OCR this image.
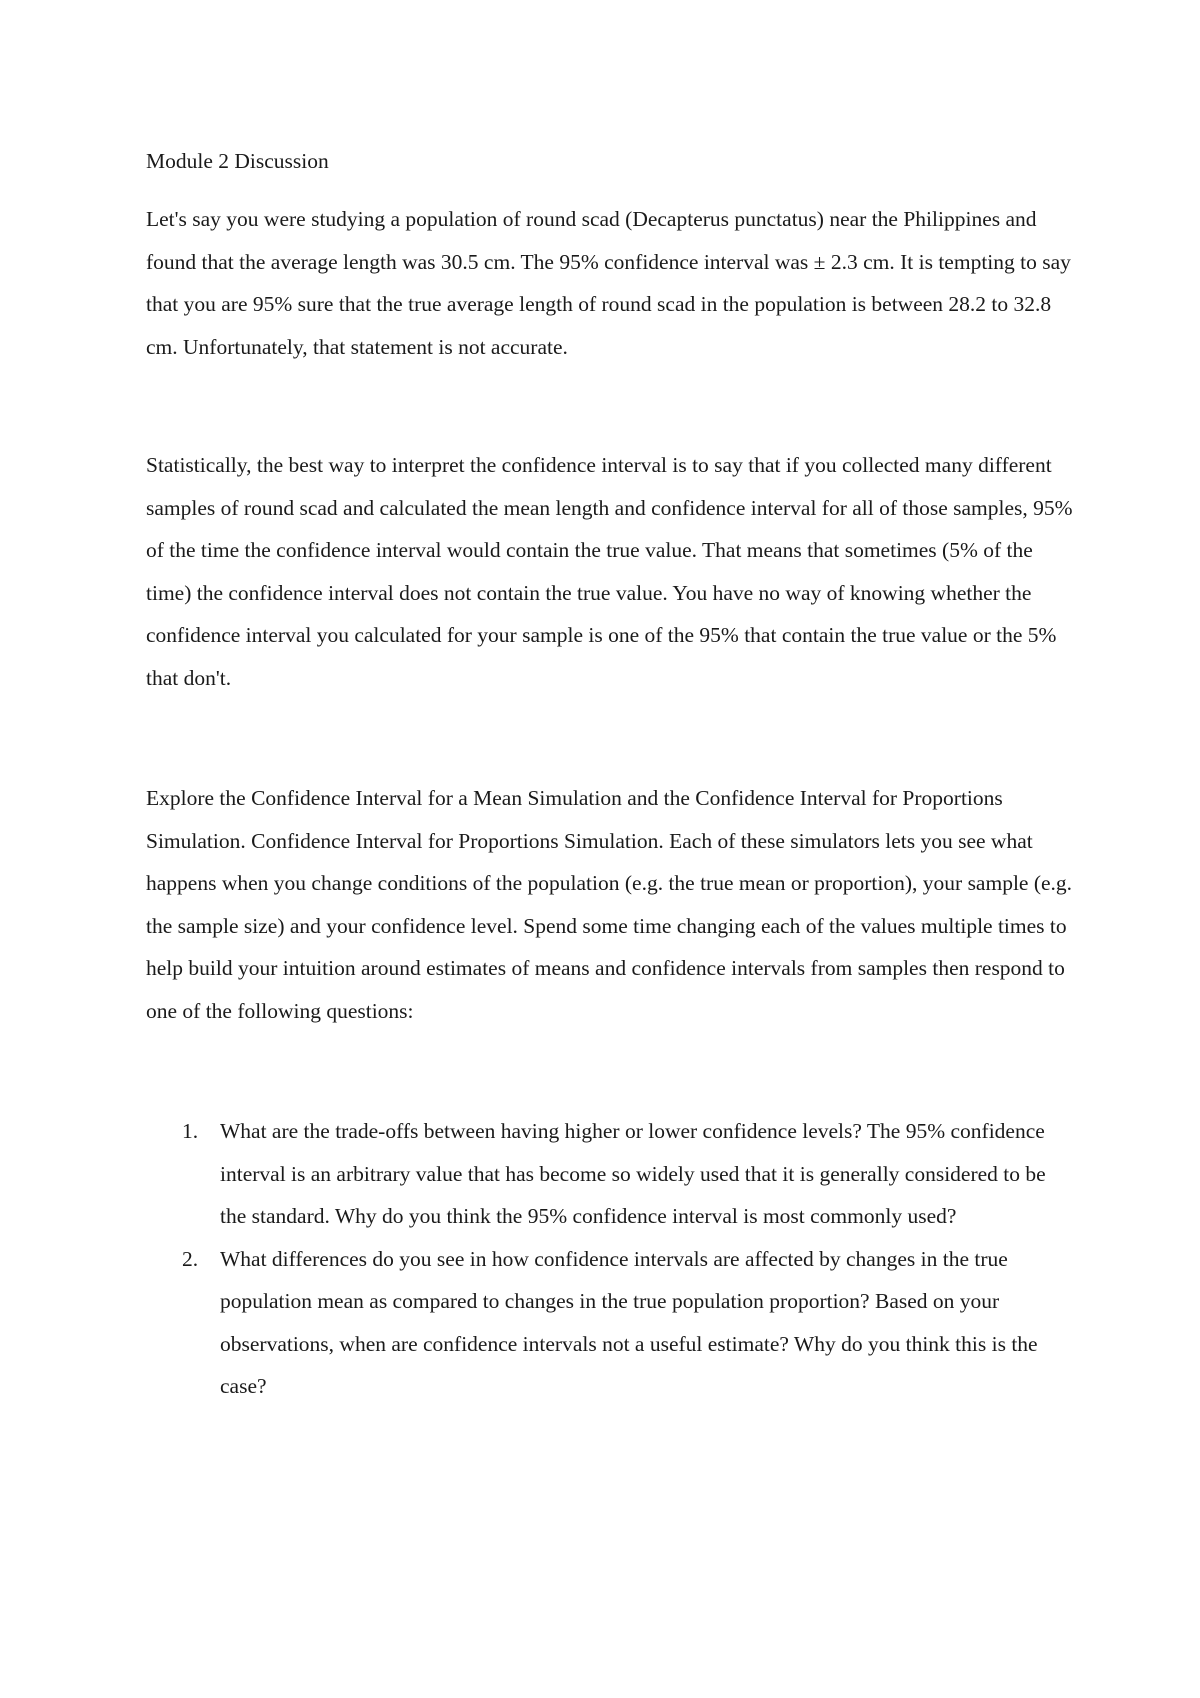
Module 2 Discussion

Let's say you were studying a population of round scad (Decapterus punctatus) near the Philippines and found that the average length was 30.5 cm. The 95% confidence interval was ± 2.3 cm. It is tempting to say that you are 95% sure that the true average length of round scad in the population is between 28.2 to 32.8 cm. Unfortunately, that statement is not accurate.

Statistically, the best way to interpret the confidence interval is to say that if you collected many different samples of round scad and calculated the mean length and confidence interval for all of those samples, 95% of the time the confidence interval would contain the true value. That means that sometimes (5% of the time) the confidence interval does not contain the true value. You have no way of knowing whether the confidence interval you calculated for your sample is one of the 95% that contain the true value or the 5% that don't.

Explore the Confidence Interval for a Mean Simulation and the Confidence Interval for Proportions Simulation. Confidence Interval for Proportions Simulation. Each of these simulators lets you see what happens when you change conditions of the population (e.g. the true mean or proportion), your sample (e.g. the sample size) and your confidence level. Spend some time changing each of the values multiple times to help build your intuition around estimates of means and confidence intervals from samples then respond to one of the following questions:

1. What are the trade-offs between having higher or lower confidence levels? The 95% confidence interval is an arbitrary value that has become so widely used that it is generally considered to be the standard. Why do you think the 95% confidence interval is most commonly used?
2. What differences do you see in how confidence intervals are affected by changes in the true population mean as compared to changes in the true population proportion? Based on your observations, when are confidence intervals not a useful estimate? Why do you think this is the case?
